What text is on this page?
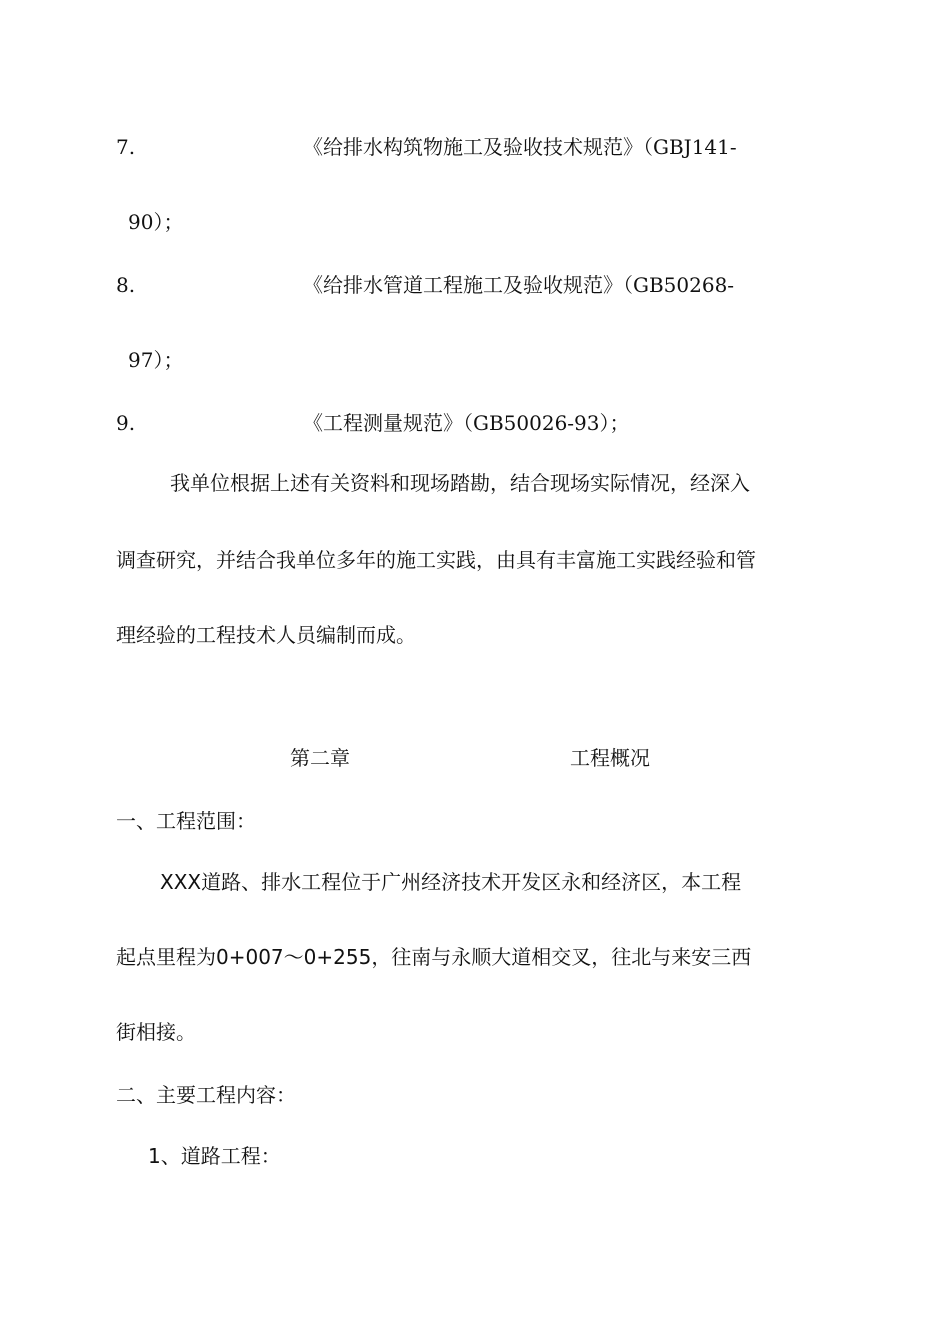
7.	《给排水构筑物施工及验收技术规范》（GBJ141-
90）；
8.	《给排水管道工程施工及验收规范》（GB50268-
97）；
9.	《工程测量规范》（GB50026-93）；
我单位根据上述有关资料和现场踏勘，结合现场实际情况，经深入
调查研究，并结合我单位多年的施工实践，由具有丰富施工实践经验和管
理经验的工程技术人员编制而成。
第二章	工程概况
一、工程范围：
XXX道路、排水工程位于广州经济技术开发区永和经济区，本工程
起点里程为0+007～0+255，往南与永顺大道相交叉，往北与来安三西
街相接。
二、主要工程内容：
1、道路工程：
